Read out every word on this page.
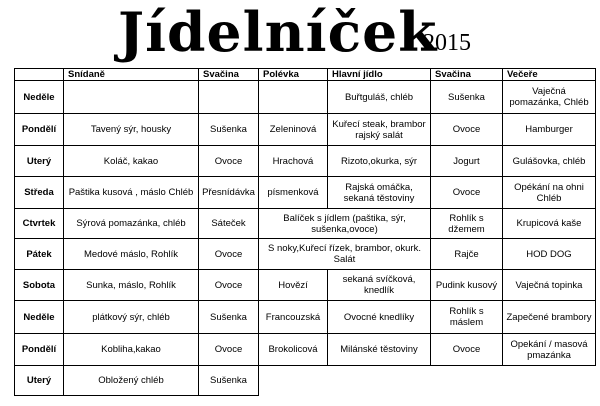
Jídelníček
2015
	Snídaně	Svačina	Polévka	Hlavní jídlo	Svačina	Večeře
Neděle				Buřtguláš, chléb	Sušenka	Vaječná pomazánka, Chléb
Pondělí	Tavený sýr, housky	Sušenka	Zeleninová	Kuřecí steak, brambor rajský salát	Ovoce	Hamburger
Uterý	Koláč, kakao	Ovoce	Hrachová	Rizoto,okurka, sýr	Jogurt	Gulášovka, chléb
Středa	Paštika kusová , máslo Chléb	Přesnídávka	písmenková	Rajská omáčka, sekaná těstoviny	Ovoce	Opékání na ohni Chléb
Ctvrtek	Sýrová pomazánka, chléb	Sáteček	Balíček s jídlem (paštika, sýr, sušenka,ovoce)		Rohlík s džemem	Krupicová kaše
Pátek	Medové máslo, Rohlík	Ovoce	S noky,Kuřecí řízek, brambor, okurk. Salát		Rajče	HOD DOG
Sobota	Sunka, máslo, Rohlík	Ovoce	Hovězí	sekaná svíčková, knedlík	Pudink kusový	Vaječná topinka
Neděle	plátkový sýr, chléb	Sušenka	Francouzská	Ovocné knedlíky	Rohlík s máslem	Zapečené brambory
Pondělí	Kobliha,kakao	Ovoce	Brokolicová	Milánské těstoviny	Ovoce	Opekání / masová pmazánka
Uterý	Obložený chléb	Sušenka				
